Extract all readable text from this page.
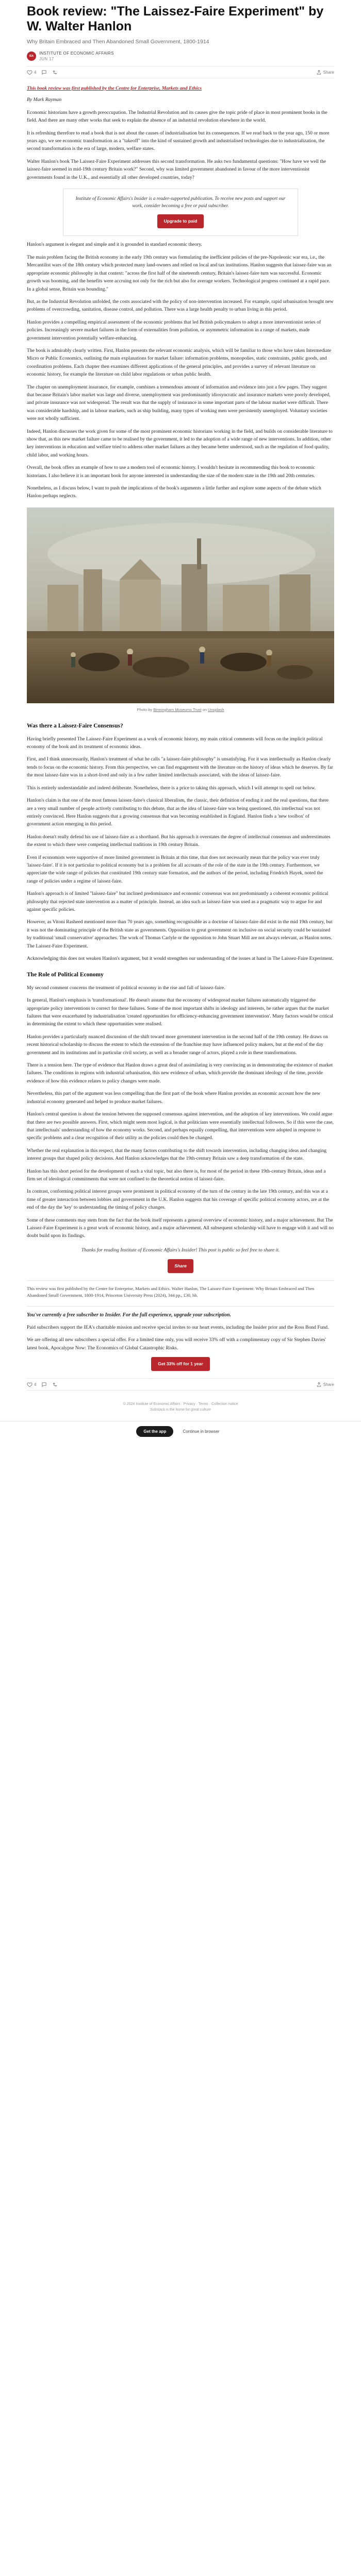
Book review: "The Laissez-Faire Experiment" by W. Walter Hanlon
Why Britain Embraced and Then Abandoned Small Government, 1800-1914
IEA
INSTITUTE OF ECONOMIC AFFAIRS
JUN 17
4	Share

This book review was first published by the Centre for Enterprise, Markets and Ethics

By Mark Rayman

Economic historians have a growth preoccupation. The Industrial Revolution and its causes give the topic pride of place in most prominent books in the field. And there are many other works that seek to explain the absence of an industrial revolution elsewhere in the world.

It is refreshing therefore to read a book that is not about the causes of industrialisation but its consequences. If we read back to the year ago, 150 or more years ago, we see economic transformation as a "takeoff" into the kind of sustained growth and industrialised technologies due to industrialization, the second transformation is the era of large, modern, welfare states.

Walter Hanlon's book The Laissez-Faire Experiment addresses this second transformation. He asks two fundamental questions: "How have we well the laissez-faire seemed in mid-19th century Britain work?" Second, why was limited government abandoned in favour of the more interventionist governments found in the U.K., and essentially all other developed countries, today?

Institute of Economic Affairs's Insider is a reader-supported publication. To receive new posts and support our work, consider becoming a free or paid subscriber.
Upgrade to paid

Hanlon's argument is elegant and simple and it is grounded in standard economic theory.

The main problem facing the British economy in the early 19th century was formulating the inefficient policies of the pre-Napoleonic war era, i.e., the Mercantilist wars of the 18th century which protected many land-owners and relied on local and tax institutions. Hanlon suggests that laissez-faire was an appropriate economic philosophy in that context: "across the first half of the nineteenth century, Britain's laissez-faire turn was successful. Economic growth was booming, and the benefits were accruing not only for the rich but also for average workers. Technological progress continued at a rapid pace. In a global sense, Britain was bounding."

But, as the Industrial Revolution unfolded, the costs associated with the policy of non-intervention increased. For example, rapid urbanisation brought new problems of overcrowding, sanitation, disease control, and pollution. There was a large health penalty to urban living in this period.

Hanlon provides a compelling empirical assessment of the economic problems that led British policymakers to adopt a more interventionist series of policies. Increasingly severe market failures in the form of externalities from pollution, or asymmetric information in a range of markets, made government intervention potentially welfare-enhancing.

The book is admirably clearly written. First, Hanlon presents the relevant economic analysis, which will be familiar to those who have taken Intermediate Micro or Public Economics, outlining the main explanations for market failure: information problems, monopolies, static constraints, public goods, and coordination problems. Each chapter then examines different applications of the general principles, and provides a survey of relevant literature on economic history, for example the literature on child labor regulations or urban public health.

The chapter on unemployment insurance, for example, combines a tremendous amount of information and evidence into just a few pages. They suggest that because Britain's labor market was large and diverse, unemployment was predominantly idiosyncratic and insurance markets were poorly developed, and private insurance was not widespread. The result was that the supply of insurance in some important parts of the labour market were difficult. There was considerable hardship, and in labour markets, such as ship building, many types of working men were persistently unemployed. Voluntary societies were not wholly sufficient.

Indeed, Hanlon discusses the work given for some of the most prominent economic historians working in the field, and builds on considerable literature to show that, as this new market failure came to be realised by the government, it led to the adoption of a wide range of new interventions. In addition, other key interventions in education and welfare tried to address other market failures as they became better understood, such as the regulation of food quality, child labor, and working hours.

Overall, the book offers an example of how to use a modern tool of economic history. I wouldn't hesitate in recommending this book to economic historians. I also believe it is an important book for anyone interested in understanding the size of the modern state in the 19th and 20th centuries.

Nonetheless, as I discuss below, I want to push the implications of the book's arguments a little further and explore some aspects of the debate which Hanlon perhaps neglects.

Photo by Birmingham Museums Trust on Unsplash
Was there a Laissez-Faire Consensus?

Having briefly presented The Laissez-Faire Experiment as a work of economic history, my main critical comments will focus on the implicit political economy of the book and its treatment of economic ideas.

First, and I think unnecessarily, Hanlon's treatment of what he calls "a laissez-faire philosophy" is unsatisfying. For it was intellectually as Hanlon clearly tends to focus on the economic history. From this perspective, we can find engagement with the literature on the history of ideas which he deserves. By far the most laissez-faire was in a short-lived and only in a few rather limited intellectuals associated, with the ideas of laissez-faire.

This is entirely understandable and indeed deliberate. Nonetheless, there is a price to taking this approach, which I will attempt to spell out below.

Hanlon's claim is that one of the most famous laissez-faire's classical liberalism, the classic, their definition of ending it and the real questions, that there are a very small number of people actively contributing to this debate, that as the idea of laissez-faire was being questioned, this intellectual was not entirely convinced. Here Hanlon suggests that a growing consensus that was becoming established in England. Hanlon finds a 'new toolbox' of government action emerging in this period.

Hanlon doesn't really defend his use of laissez-faire as a shorthand. But his approach it overstates the degree of intellectual consensus and underestimates the extent to which there were competing intellectual traditions in 19th century Britain.

Even if economists were supportive of more limited government in Britain at this time, that does not necessarily mean that the policy was ever truly 'laissez-faire'. If it is not particular to political economy but is a problem for all accounts of the role of the state in the 19th century. Furthermore, we appreciate the wide range of policies that constituted 19th century state formation, and the authors of the period, including Friedrich Hayek, noted the range of policies under a regime of laissez-faire.

Hanlon's approach is of limited "laissez-faire" but inclined predominance and economic consensus was not predominantly a coherent economic political philosophy that rejected state intervention as a matter of principle. Instead, an idea such as laissez-faire was used as a pragmatic way to argue for and against specific policies.

However, as Vitoni Rasheed mentioned more than 70 years ago, something recognisable as a doctrine of laissez-faire did exist in the mid 19th century, but it was not the dominating principle of the British state as governments. Opposition to great government on inclusive on social security could be sustained by traditional 'small conservative' approaches. The work of Thomas Carlyle or the opposition to John Stuart Mill are not always relevant, as Hanlon notes. The Laissez-Faire Experiment.

Acknowledging this does not weaken Hanlon's argument, but it would strengthen our understanding of the issues at hand in The Laissez-Faire Experiment.

The Role of Political Economy

My second comment concerns the treatment of political economy in the rise and fall of laissez-faire.

In general, Hanlon's emphasis is 'transformational'. He doesn't assume that the economy of widespread market failures automatically triggered the appropriate policy interventions to correct for these failures. Some of the most important shifts in ideology and interests, he rather argues that the market failures that were exacerbated by industrialisation 'created opportunities for efficiency-enhancing government intervention'. Many factors would be critical in determining the extent to which these opportunities were realised.

Hanlon provides a particularly nuanced discussion of the shift toward more government intervention in the second half of the 19th century. He draws on recent historical scholarship to discuss the extent to which the extension of the franchise may have influenced policy makers, but at the end of the day government and its institutions and in particular civil society, as well as a broader range of actors, played a role in these transformations.

There is a tension here. The type of evidence that Hanlon draws a great deal of assimilating is very convincing as in demonstrating the existence of market failures. The conditions in regions with industrial urbanisation, this new evidence of urban, which provide the dominant ideology of the time, provide evidence of how this evidence relates to policy changes were made.

Nevertheless, this part of the argument was less compelling than the first part of the book where Hanlon provides an economic account how the new industrial economy generated and helped to produce market failures.

Hanlon's central question is about the tension between the supposed consensus against intervention, and the adoption of key interventions. We could argue that there are two possible answers. First, which might seem most logical, is that politicians were essentially intellectual followers. So if this were the case, that intellectuals' understanding of how the economy works. Second, and perhaps equally compelling, that interventions were adopted in response to specific problems and a clear recognition of their utility as the policies could then be changed.

Whether the real explanation in this respect, that the many factors contributing to the shift towards intervention, including changing ideas and changing interest groups that shaped policy decisions. And Hanlon acknowledges that the 19th-century Britain saw a deep transformation of the state.

Hanlon has this short period for the development of such a vital topic, but also there is, for most of the period in these 19th-century Britain, ideas and a firm set of ideological commitments that were not confined to the theoretical notion of laissez-faire.

In contrast, conforming political interest groups were prominent in political economy of the turn of the century in the late 19th century, and this was at a time of greater interaction between lobbies and government in the U.K. Hanlon suggests that his coverage of specific political economy actors, are at the end of the day the 'key' to understanding the timing of policy changes.

Some of these comments may stem from the fact that the book itself represents a general overview of economic history, and a major achievement. But The Laissez-Faire Experiment is a great work of economic history, and a major achievement. All subsequent scholarship will have to engage with it and will no doubt build upon its findings.

Thanks for reading Institute of Economic Affairs's Insider! This post is public so feel free to share it.
Share

This review was first published by the Centre for Enterprise, Markets and Ethics. Walter Hanlon, The Laissez-Faire Experiment: Why Britain Embraced and Then Abandoned Small Government, 1800-1914, Princeton University Press (2024), 344 pp., £30, hb.

You've currently a free subscriber to Insider. For the full experience, upgrade your subscription.

Paid subscribers support the IEA's charitable mission and receive special invites to our heart events, including the Insider prior and the Ross Bond Fund.

We are offering all new subscribers a special offer. For a limited time only, you will receive 33% off with a complimentary copy of Sir Stephen Davies' latest book, Apocalypse Now: The Economics of Global Catastrophic Risks.

Get 33% off for 1 year
4	Share
© 2024 Institute of Economic Affairs · Privacy · Terms · Collection notice
Substack is the home for great culture
Get the app	Continue in browser
